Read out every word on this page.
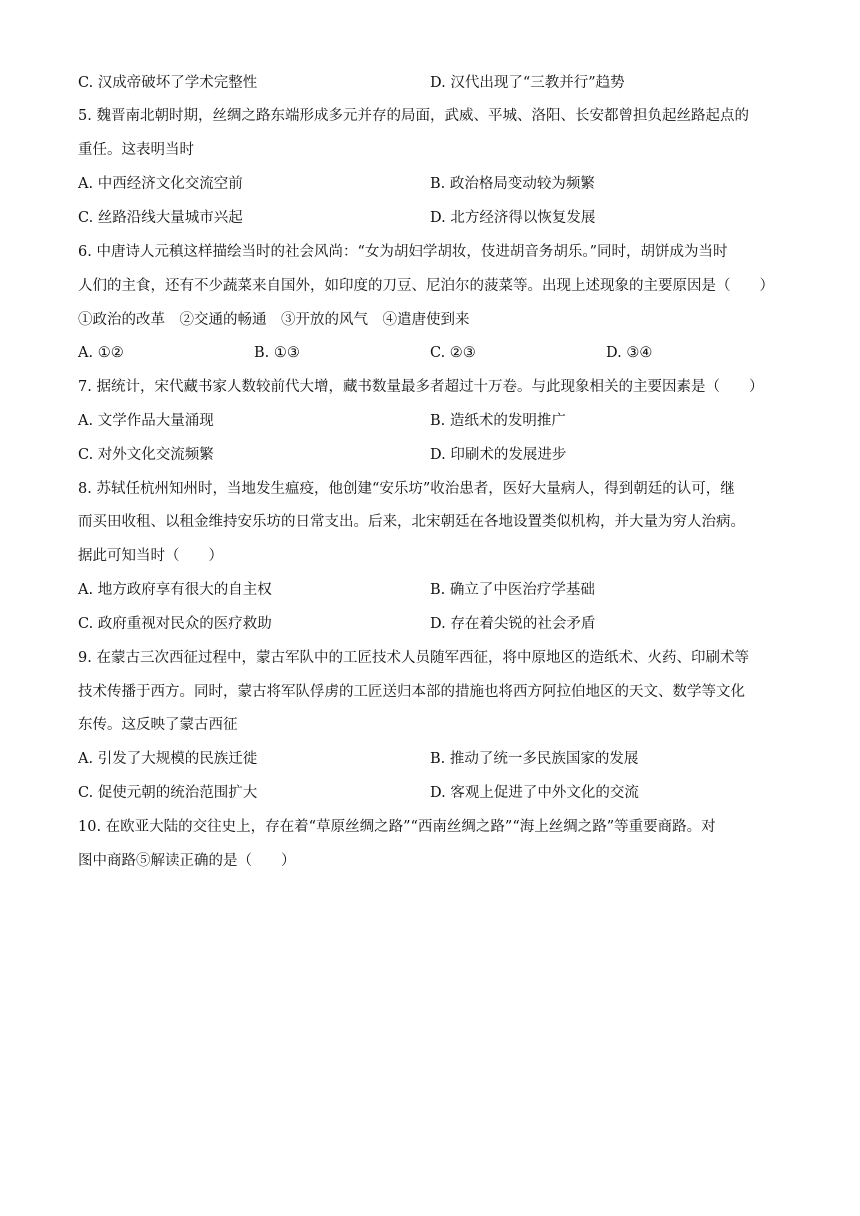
C. 汉成帝破坏了学术完整性	D. 汉代出现了“三教并行”趋势
5. 魏晋南北朝时期，丝绸之路东端形成多元并存的局面，武威、平城、洛阳、长安都曾担负起丝路起点的
重任。这表明当时
A. 中西经济文化交流空前	B. 政治格局变动较为频繁
C. 丝路沿线大量城市兴起	D. 北方经济得以恢复发展
6. 中唐诗人元稹这样描绘当时的社会风尚：“女为胡妇学胡妆，伎进胡音务胡乐。”同时，胡饼成为当时
人们的主食，还有不少蔬菜来自国外，如印度的刀豆、尼泊尔的菠菜等。出现上述现象的主要原因是（　　）
①政治的改革　②交通的畅通　③开放的风气　④遣唐使到来
A. ①②	B. ①③	C. ②③	D. ③④
7. 据统计，宋代藏书家人数较前代大增，藏书数量最多者超过十万卷。与此现象相关的主要因素是（　　）
A. 文学作品大量涌现	B. 造纸术的发明推广
C. 对外文化交流频繁	D. 印刷术的发展进步
8. 苏轼任杭州知州时，当地发生瘟疫，他创建“安乐坊”收治患者，医好大量病人，得到朝廷的认可，继
而买田收租、以租金维持安乐坊的日常支出。后来，北宋朝廷在各地设置类似机构，并大量为穷人治病。
据此可知当时（　　）
A. 地方政府享有很大的自主权	B. 确立了中医治疗学基础
C. 政府重视对民众的医疗救助	D. 存在着尖锐的社会矛盾
9. 在蒙古三次西征过程中，蒙古军队中的工匠技术人员随军西征，将中原地区的造纸术、火药、印刷术等
技术传播于西方。同时，蒙古将军队俘虏的工匠送归本部的措施也将西方阿拉伯地区的天文、数学等文化
东传。这反映了蒙古西征
A. 引发了大规模的民族迁徙	B. 推动了统一多民族国家的发展
C. 促使元朝的统治范围扩大	D. 客观上促进了中外文化的交流
10. 在欧亚大陆的交往史上，存在着“草原丝绸之路”“西南丝绸之路”“海上丝绸之路”等重要商路。对
图中商路⑤解读正确的是（　　）
